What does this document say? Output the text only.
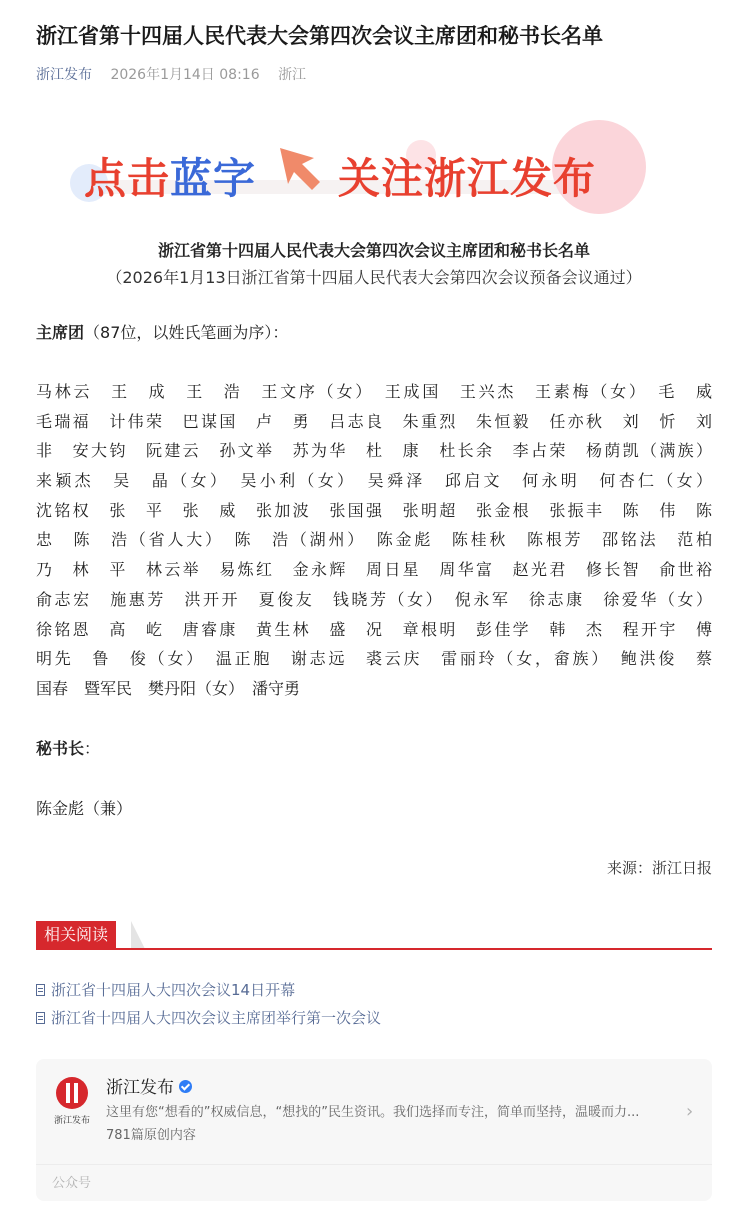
浙江省第十四届人民代表大会第四次会议主席团和秘书长名单
浙江发布 2026年1月14日 08:16 浙江
点击蓝字 关注浙江发布
浙江省第十四届人民代表大会第四次会议主席团和秘书长名单
（2026年1月13日浙江省第十四届人民代表大会第四次会议预备会议通过）
主席团（87位，以姓氏笔画为序）：
马林云　王　成　王　浩　王文序（女）　王成国　王兴杰　王素梅（女）　毛　威
毛瑞福　计伟荣　巴谋国　卢　勇　吕志良　朱重烈　朱恒毅　任亦秋　刘　忻　刘
非　安大钧　阮建云　孙文举　苏为华　杜　康　杜长余　李占荣　杨荫凯（满族）
来颖杰　吴　晶（女）　吴小利（女）　吴舜泽　邱启文　何永明　何杏仁（女）
沈铭权　张　平　张　威　张加波　张国强　张明超　张金根　张振丰　陈　伟　陈
忠　陈　浩（省人大）　陈　浩（湖州）　陈金彪　陈桂秋　陈根芳　邵铭法　范柏
乃　林　平　林云举　易炼红　金永辉　周日星　周华富　赵光君　修长智　俞世裕
俞志宏　施惠芳　洪开开　夏俊友　钱晓芳（女）　倪永军　徐志康　徐爱华（女）
徐铭恩　高　屹　唐睿康　黄生林　盛　况　章根明　彭佳学　韩　杰　程开宇　傅
明先　鲁　俊（女）　温正胞　谢志远　裘云庆　雷丽玲（女，畲族）　鲍洪俊　蔡
国春　暨军民　樊丹阳（女）　潘守勇
秘书长：
陈金彪（兼）
来源：浙江日报
相关阅读
浙江省十四届人大四次会议14日开幕
浙江省十四届人大四次会议主席团举行第一次会议
浙江发布
浙江发布
这里有您“想看的”权威信息，“想找的”民生资讯。我们选择而专注，简单而坚持，温暖而力...
781篇原创内容
›
公众号
